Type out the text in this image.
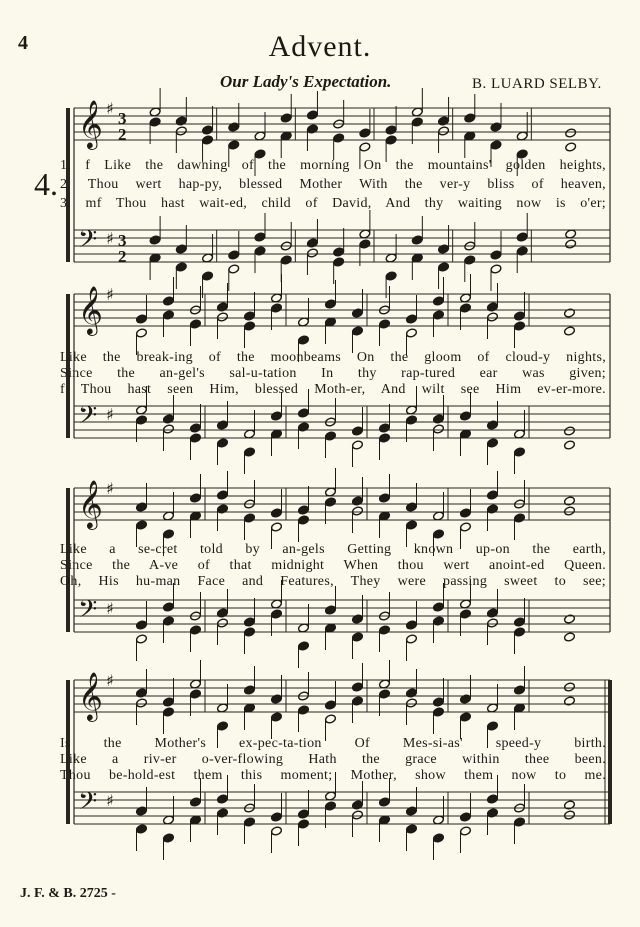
4	Advent.
Our Lady's Expectation.	B. LUARD SELBY.
4.
𝄞 ♯
3
2
𝄢 ♯ 3
2
1. f Like the dawning of the morning On the mountains' golden heights,
2. Thou wert hap-py, blessed Mother With the ver-y bliss of heaven,
3. mf Thou hast wait-ed, child of David, And thy waiting now is o'er;
𝄞 ♯
𝄢 ♯
Like the break-ing of the moonbeams On the gloom of cloud-y nights,
Since the an-gel's sal-u-tation In thy rap-tured ear was given;
f Thou hast seen Him, blessed Moth-er, And wilt see Him ev-er-more.
𝄞 ♯
𝄢 ♯
Like a se-cret told by an-gels Getting known up-on the earth,
Since the A-ve of that midnight When thou wert anoint-ed Queen.
Oh, His hu-man Face and Features, They were passing sweet to see;
𝄞 ♯
𝄢 ♯
Is the Mother's ex-pec-ta-tion Of Mes-si-as' speed-y birth.
Like a riv-er o-ver-flowing Hath the grace within thee been.
Thou be-hold-est them this moment; Mother, show them now to me.
J. F. & B. 2725 -
